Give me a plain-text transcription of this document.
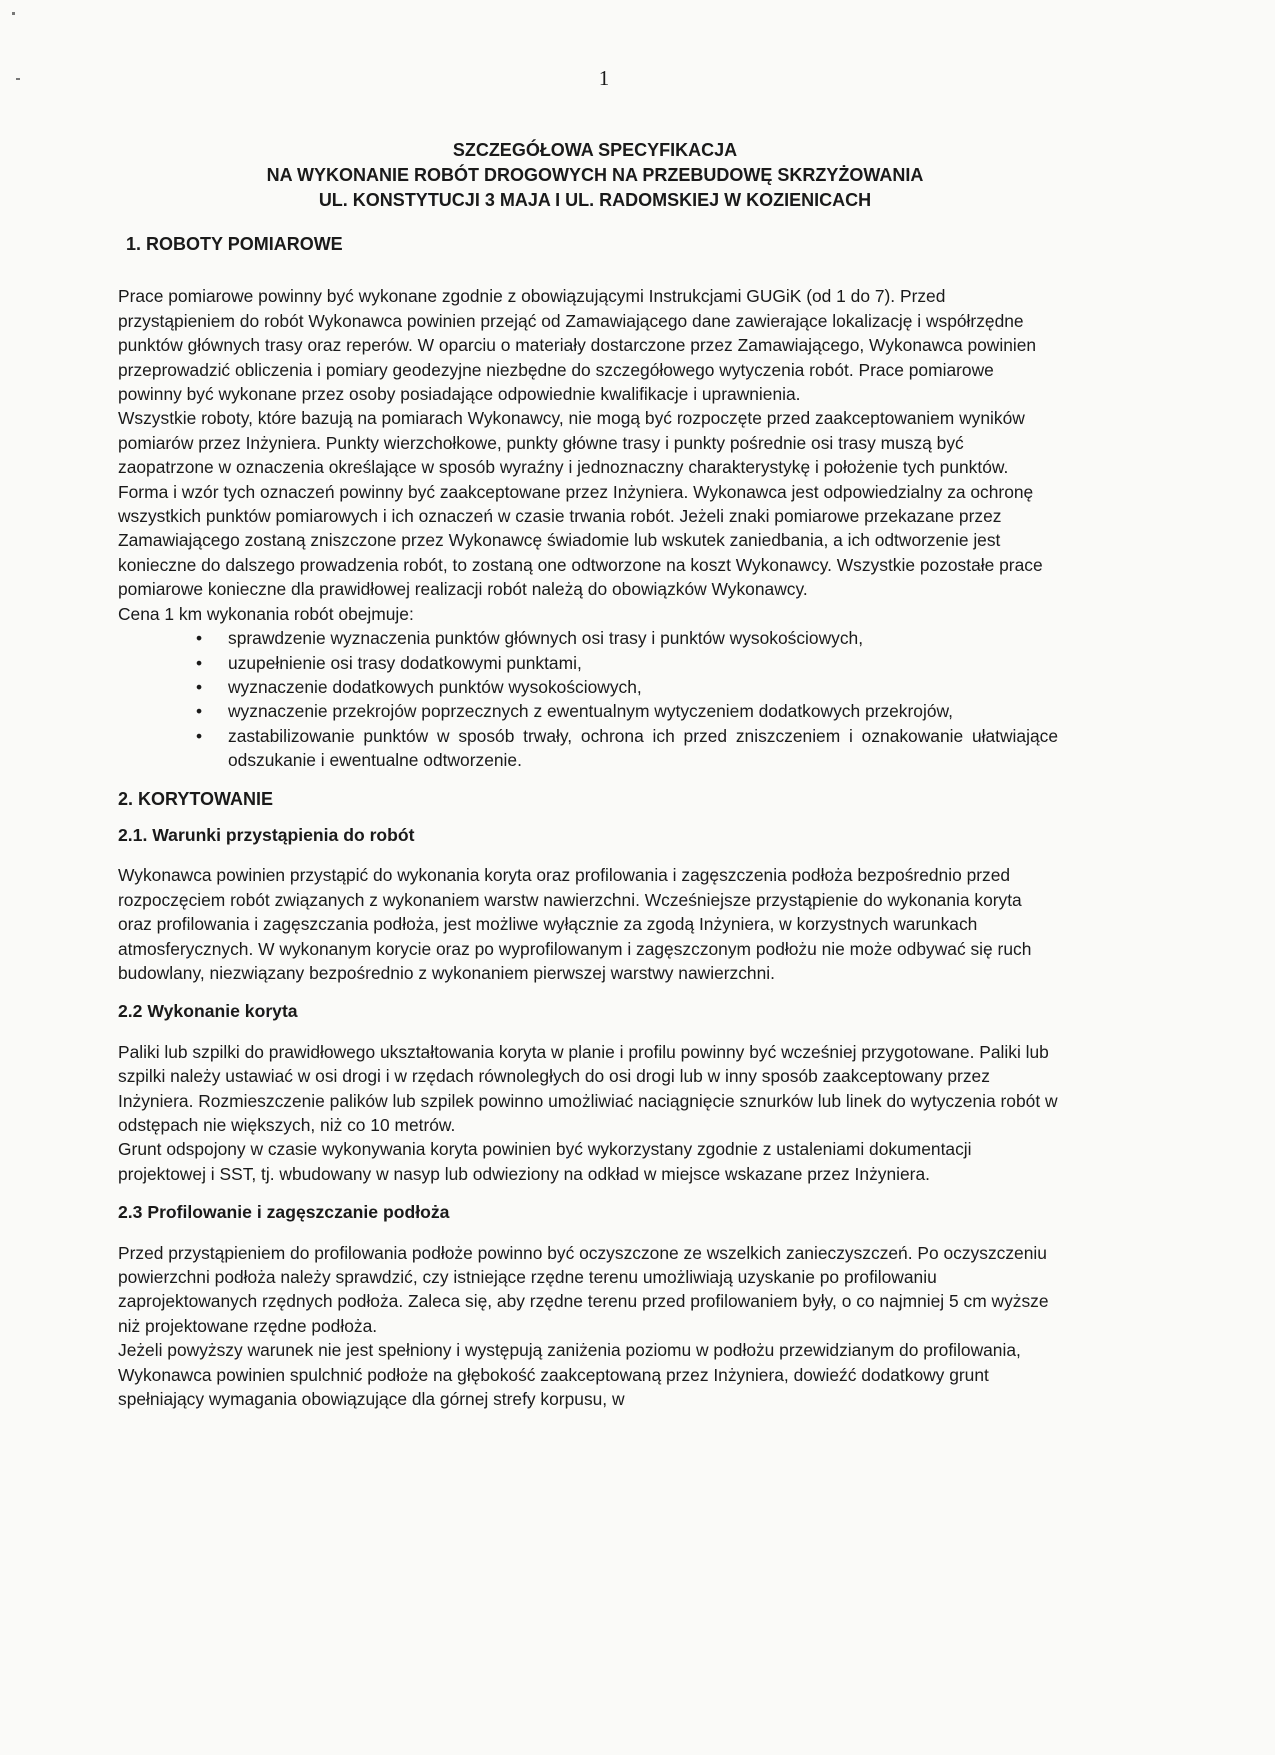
1
SZCZEGÓŁOWA SPECYFIKACJA
NA WYKONANIE ROBÓT DROGOWYCH NA PRZEBUDOWĘ SKRZYŻOWANIA
UL. KONSTYTUCJI 3 MAJA I UL. RADOMSKIEJ W KOZIENICACH
1. ROBOTY POMIAROWE

Prace pomiarowe powinny być wykonane zgodnie z obowiązującymi Instrukcjami GUGiK (od 1 do 7). Przed przystąpieniem do robót Wykonawca powinien przejąć od Zamawiającego dane zawierające lokalizację i współrzędne punktów głównych trasy oraz reperów. W oparciu o materiały dostarczone przez Zamawiającego, Wykonawca powinien przeprowadzić obliczenia i pomiary geodezyjne niezbędne do szczegółowego wytyczenia robót. Prace pomiarowe powinny być wykonane przez osoby posiadające odpowiednie kwalifikacje i uprawnienia.

Wszystkie roboty, które bazują na pomiarach Wykonawcy, nie mogą być rozpoczęte przed zaakceptowaniem wyników pomiarów przez Inżyniera. Punkty wierzchołkowe, punkty główne trasy i punkty pośrednie osi trasy muszą być zaopatrzone w oznaczenia określające w sposób wyraźny i jednoznaczny charakterystykę i położenie tych punktów. Forma i wzór tych oznaczeń powinny być zaakceptowane przez Inżyniera. Wykonawca jest odpowiedzialny za ochronę wszystkich punktów pomiarowych i ich oznaczeń w czasie trwania robót. Jeżeli znaki pomiarowe przekazane przez Zamawiającego zostaną zniszczone przez Wykonawcę świadomie lub wskutek zaniedbania, a ich odtworzenie jest konieczne do dalszego prowadzenia robót, to zostaną one odtworzone na koszt Wykonawcy. Wszystkie pozostałe prace pomiarowe konieczne dla prawidłowej realizacji robót należą do obowiązków Wykonawcy.

Cena 1 km wykonania robót obejmuje:

• sprawdzenie wyznaczenia punktów głównych osi trasy i punktów wysokościowych,
• uzupełnienie osi trasy dodatkowymi punktami,
• wyznaczenie dodatkowych punktów wysokościowych,
• wyznaczenie przekrojów poprzecznych z ewentualnym wytyczeniem dodatkowych przekrojów,
• zastabilizowanie punktów w sposób trwały, ochrona ich przed zniszczeniem i oznakowanie ułatwiające odszukanie i ewentualne odtworzenie.
2. KORYTOWANIE
2.1. Warunki przystąpienia do robót

Wykonawca powinien przystąpić do wykonania koryta oraz profilowania i zagęszczenia podłoża bezpośrednio przed rozpoczęciem robót związanych z wykonaniem warstw nawierzchni. Wcześniejsze przystąpienie do wykonania koryta oraz profilowania i zagęszczania podłoża, jest możliwe wyłącznie za zgodą Inżyniera, w korzystnych warunkach atmosferycznych. W wykonanym korycie oraz po wyprofilowanym i zagęszczonym podłożu nie może odbywać się ruch budowlany, niezwiązany bezpośrednio z wykonaniem pierwszej warstwy nawierzchni.

2.2 Wykonanie koryta

Paliki lub szpilki do prawidłowego ukształtowania koryta w planie i profilu powinny być wcześniej przygotowane. Paliki lub szpilki należy ustawiać w osi drogi i w rzędach równoległych do osi drogi lub w inny sposób zaakceptowany przez Inżyniera. Rozmieszczenie palików lub szpilek powinno umożliwiać naciągnięcie sznurków lub linek do wytyczenia robót w odstępach nie większych, niż co 10 metrów.

Grunt odspojony w czasie wykonywania koryta powinien być wykorzystany zgodnie z ustaleniami dokumentacji projektowej i SST, tj. wbudowany w nasyp lub odwieziony na odkład w miejsce wskazane przez Inżyniera.

2.3 Profilowanie i zagęszczanie podłoża

Przed przystąpieniem do profilowania podłoże powinno być oczyszczone ze wszelkich zanieczyszczeń. Po oczyszczeniu powierzchni podłoża należy sprawdzić, czy istniejące rzędne terenu umożliwiają uzyskanie po profilowaniu zaprojektowanych rzędnych podłoża. Zaleca się, aby rzędne terenu przed profilowaniem były, o co najmniej 5 cm wyższe niż projektowane rzędne podłoża.

Jeżeli powyższy warunek nie jest spełniony i występują zaniżenia poziomu w podłożu przewidzianym do profilowania, Wykonawca powinien spulchnić podłoże na głębokość zaakceptowaną przez Inżyniera, dowieźć dodatkowy grunt spełniający wymagania obowiązujące dla górnej strefy korpusu, w
